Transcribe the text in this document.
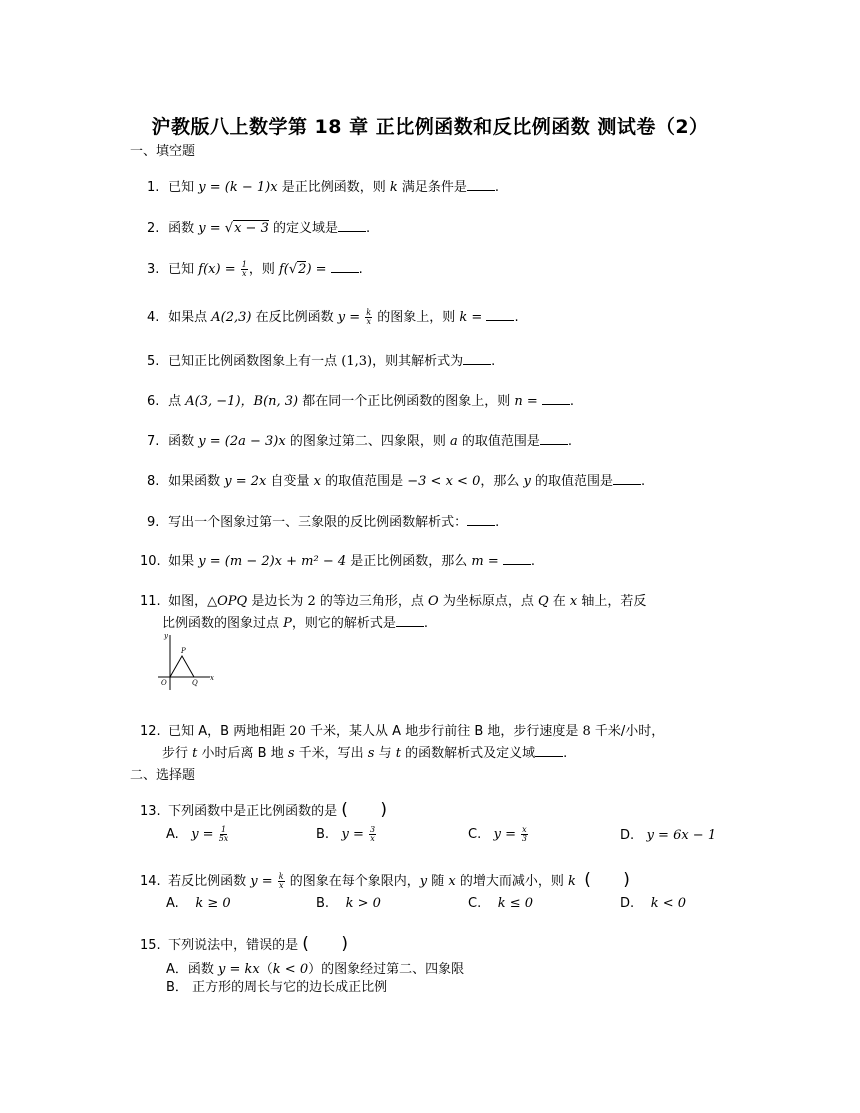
沪教版八上数学第 18 章 正比例函数和反比例函数 测试卷（2）
一、填空题
1. 已知 y = (k − 1)x 是正比例函数，则 k 满足条件是 .
2. 函数 y = √x − 3 的定义域是 .
3. 已知 $f(x) = \frac{1}{x}$ ，则 f(√2) = .
4. 如果点 A(2,3) 在反比例函数 $y = \frac{k}{x}$ 的图象上，则 k = .
5. 已知正比例函数图象上有一点 (1,3)，则其解析式为 .
6. 点 A(3, −1)，B(n, 3) 都在同一个正比例函数的图象上，则 n = .
7. 函数 y = (2a − 3)x 的图象过第二、四象限，则 a 的取值范围是 .
8. 如果函数 y = 2x 自变量 x 的取值范围是 −3 < x < 0，那么 y 的取值范围是 .
9. 写出一个图象过第一、三象限的反比例函数解析式： .
10. 如果 y = (m − 2)x + m² − 4 是正比例函数，那么 m = .
11. 如图，△OPQ 是边长为 2 的等边三角形，点 O 为坐标原点，点 Q 在 x 轴上，若反
比例函数的图象过点 P，则它的解析式是 .
y
P
O	Q
x
12. 已知 A，B 两地相距 20 千米，某人从 A 地步行前往 B 地，步行速度是 8 千米/小时，
步行 t 小时后离 B 地 s 千米，写出 s 与 t 的函数解析式及定义域 .
二、选择题
13. 下列函数中是正比例函数的是 (      )
A. $y = \frac{1}{5x}$	B. $y = \frac{3}{x}$	C. $y = \frac{x}{3}$	D. y = 6x − 1
14. 若反比例函数 $y = \frac{k}{x}$ 的图象在每个象限内，y 随 x 的增大而减小，则 k (      )
A. k ≥ 0	B. k > 0	C. k ≤ 0	D. k < 0
15. 下列说法中，错误的是 (      )
A．函数 y = kx（k < 0）的图象经过第二、四象限
B． 正方形的周长与它的边长成正比例
